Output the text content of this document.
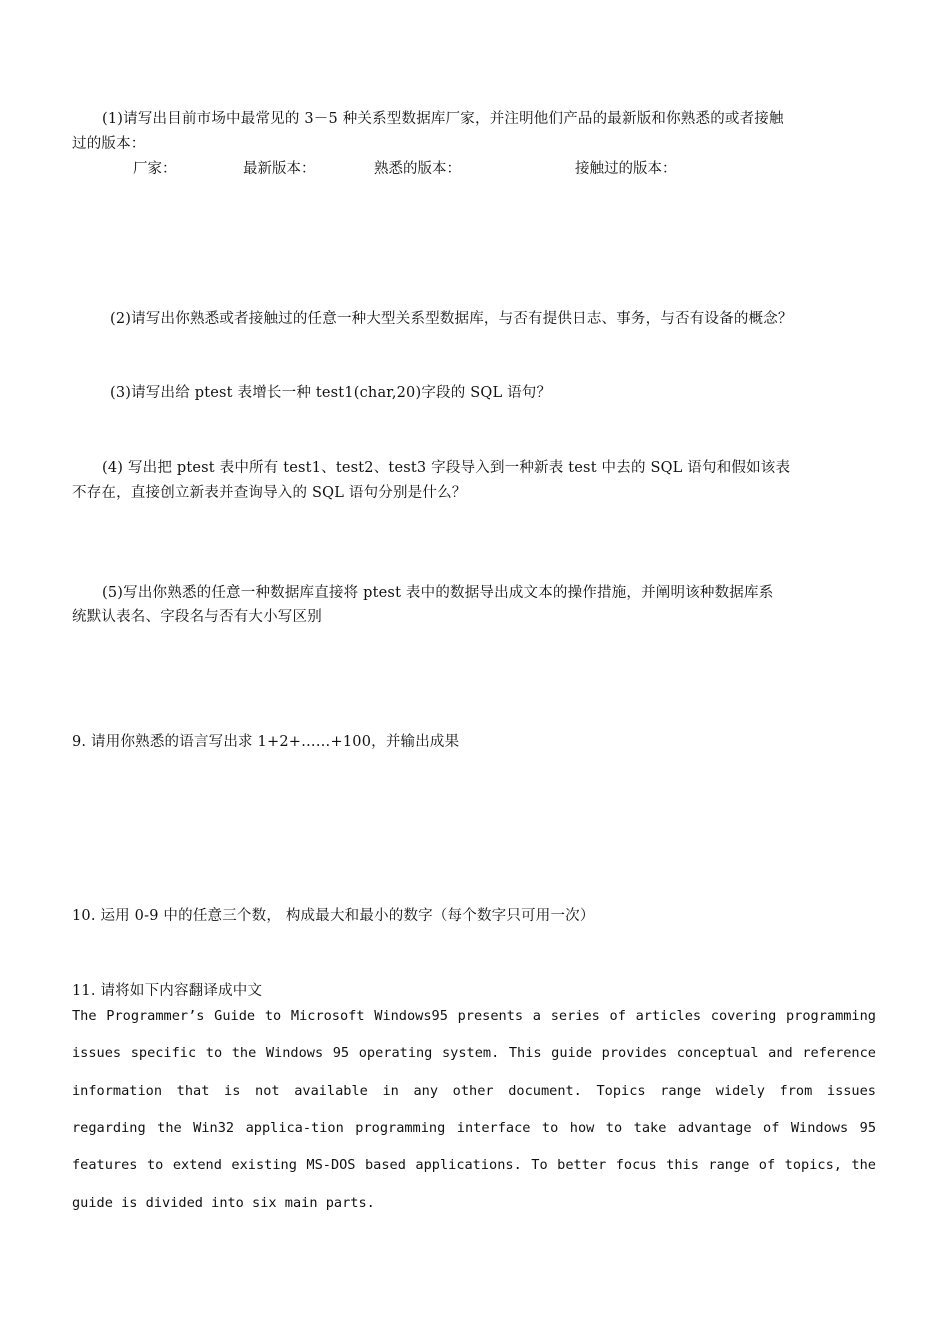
(1)请写出目前市场中最常见的 3－5 种关系型数据库厂家，并注明他们产品的最新版和你熟悉的或者接触
过的版本：
厂家：	最新版本：	熟悉的版本：	接触过的版本：
(2)请写出你熟悉或者接触过的任意一种大型关系型数据库，与否有提供日志、事务，与否有设备的概念？
(3)请写出给 ptest 表增长一种 test1(char,20)字段的 SQL 语句？
(4) 写出把 ptest 表中所有 test1、test2、test3 字段导入到一种新表 test 中去的 SQL 语句和假如该表
不存在，直接创立新表并查询导入的 SQL 语句分别是什么？
(5)写出你熟悉的任意一种数据库直接将 ptest 表中的数据导出成文本的操作措施，并阐明该种数据库系
统默认表名、字段名与否有大小写区别
9. 请用你熟悉的语言写出求 1+2+……+100，并输出成果
10. 运用 0-9 中的任意三个数， 构成最大和最小的数字（每个数字只可用一次）
11. 请将如下内容翻译成中文
The Programmer’s Guide to Microsoft Windows95 presents a series of articles covering programming
issues specific to the Windows 95 operating system. This guide provides conceptual and reference
information that is not available in any other document. Topics range widely from issues
regarding the Win32 applica-tion programming interface to how to take advantage of Windows 95
features to extend existing MS-DOS based applications. To better focus this range of topics, the
guide is divided into six main parts.
